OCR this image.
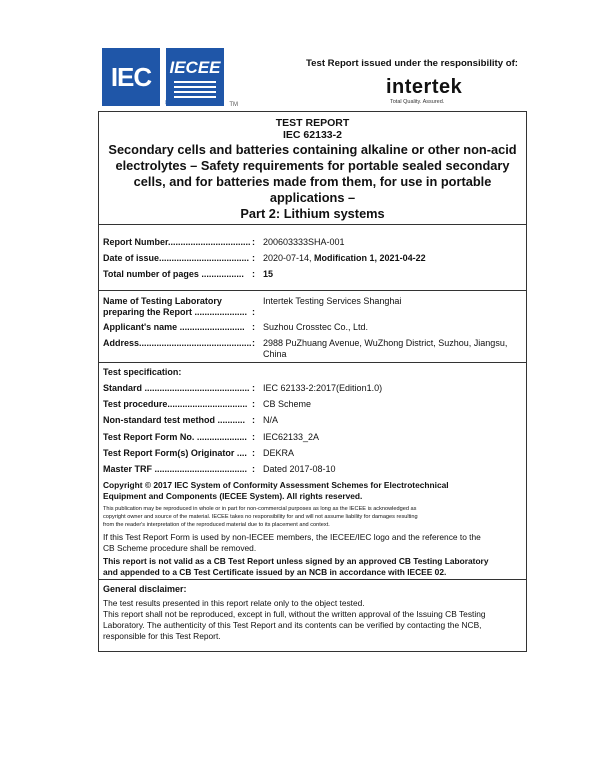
IEC IECEE
TM
Test Report issued under the responsibility of:
intertek
Total Quality. Assured.
TEST REPORT
IEC 62133-2
Secondary cells and batteries containing alkaline or other non-acid
electrolytes – Safety requirements for portable sealed secondary
cells, and for batteries made from them, for use in portable
applications –
Part 2: Lithium systems
Report Number................................. : 200603333SHA-001
Date of issue.................................... : 2020-07-14, Modification 1, 2021-04-22
Total number of pages ................. : 15
Name of Testing Laboratory
preparing the Report ..................... :
Intertek Testing Services Shanghai
Applicant's name .......................... : Suzhou Crosstec Co., Ltd.
Address............................................. : 2988 PuZhuang Avenue, WuZhong District, Suzhou, Jiangsu,
China
Test specification:
Standard .......................................... : IEC 62133-2:2017(Edition1.0)
Test procedure................................ : CB Scheme
Non-standard test method ........... : N/A
Test Report Form No. .................... : IEC62133_2A
Test Report Form(s) Originator .... : DEKRA
Master TRF ..................................... : Dated 2017-08-10
Copyright © 2017 IEC System of Conformity Assessment Schemes for Electrotechnical
Equipment and Components (IECEE System). All rights reserved.
This publication may be reproduced in whole or in part for non-commercial purposes as long as the IECEE is acknowledged as
copyright owner and source of the material. IECEE takes no responsibility for and will not assume liability for damages resulting
from the reader's interpretation of the reproduced material due to its placement and context.
If this Test Report Form is used by non-IECEE members, the IECEE/IEC logo and the reference to the
CB Scheme procedure shall be removed.
This report is not valid as a CB Test Report unless signed by an approved CB Testing Laboratory
and appended to a CB Test Certificate issued by an NCB in accordance with IECEE 02.
General disclaimer:
The test results presented in this report relate only to the object tested.
This report shall not be reproduced, except in full, without the written approval of the Issuing CB Testing
Laboratory. The authenticity of this Test Report and its contents can be verified by contacting the NCB,
responsible for this Test Report.
